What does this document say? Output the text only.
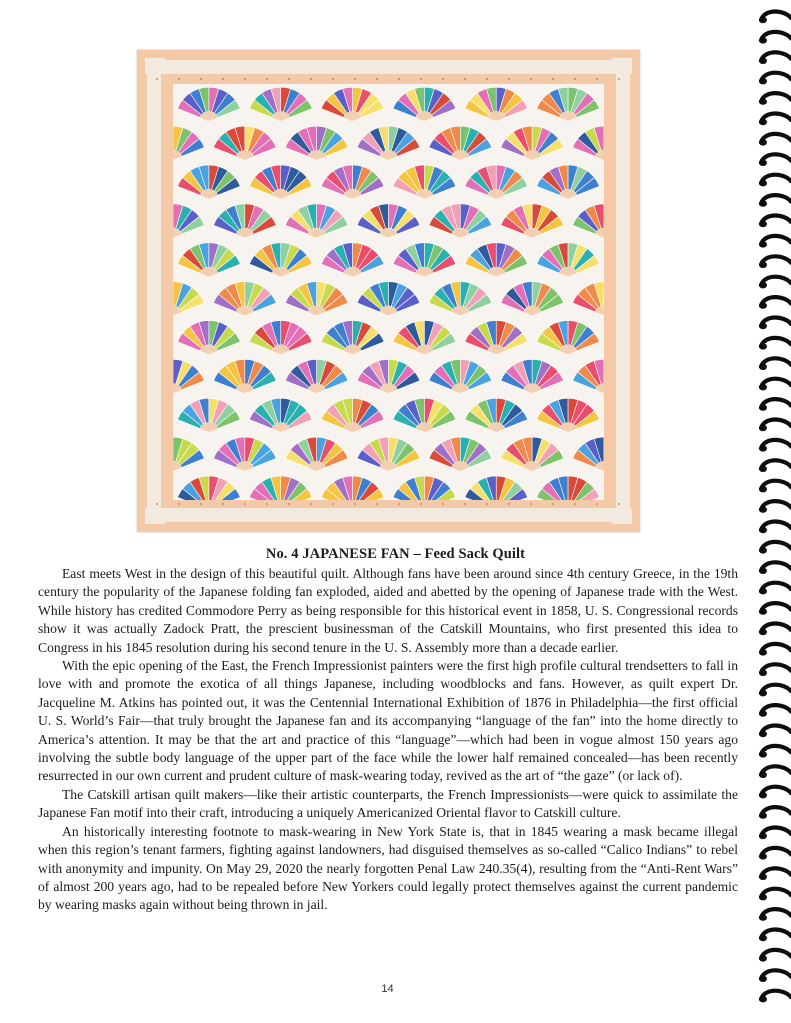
No. 4 JAPANESE FAN – Feed Sack Quilt

East meets West in the design of this beautiful quilt. Although fans have been around since 4th century Greece, in the 19th century the popularity of the Japanese folding fan exploded, aided and abetted by the opening of Japanese trade with the West. While history has credited Commodore Perry as being responsible for this historical event in 1858, U. S. Congressional records show it was actually Zadock Pratt, the prescient businessman of the Catskill Mountains, who first presented this idea to Congress in his 1845 resolution during his second tenure in the U. S. Assembly more than a decade earlier.

With the epic opening of the East, the French Impressionist painters were the first high profile cultural trendsetters to fall in love with and promote the exotica of all things Japanese, including woodblocks and fans. However, as quilt expert Dr. Jacqueline M. Atkins has pointed out, it was the Centennial International Exhibition of 1876 in Philadelphia—the first official U. S. World’s Fair—that truly brought the Japanese fan and its accompanying “language of the fan” into the home directly to America’s attention. It may be that the art and practice of this “language”—which had been in vogue almost 150 years ago involving the subtle body language of the upper part of the face while the lower half remained concealed—has been recently resurrected in our own current and prudent culture of mask-wearing today, revived as the art of “the gaze” (or lack of).

The Catskill artisan quilt makers—like their artistic counterparts, the French Impressionists—were quick to assimilate the Japanese Fan motif into their craft, introducing a uniquely Americanized Oriental flavor to Catskill culture.

An historically interesting footnote to mask-wearing in New York State is, that in 1845 wearing a mask became illegal when this region’s tenant farmers, fighting against landowners, had disguised themselves as so-called “Calico Indians” to rebel with anonymity and impunity. On May 29, 2020 the nearly forgotten Penal Law 240.35(4), resulting from the “Anti-Rent Wars” of almost 200 years ago, had to be repealed before New Yorkers could legally protect themselves against the current pandemic by wearing masks again without being thrown in jail.

14
